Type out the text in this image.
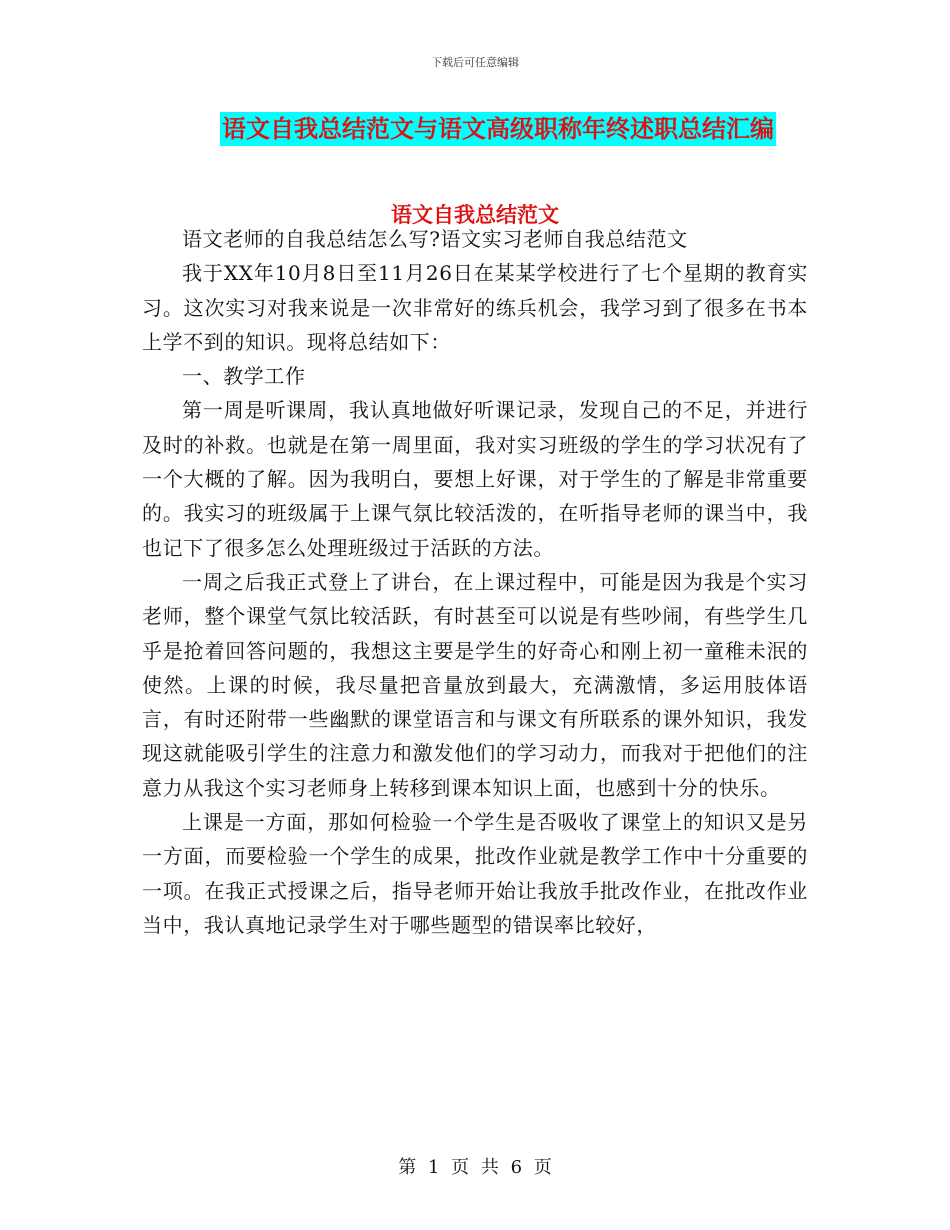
下载后可任意编辑
语文自我总结范文与语文高级职称年终述职总结汇编
语文自我总结范文

语文老师的自我总结怎么写?语文实习老师自我总结范文

我于XX年10月8日至11月26日在某某学校进行了七个星期的教育实习。这次实习对我来说是一次非常好的练兵机会，我学习到了很多在书本上学不到的知识。现将总结如下：

一、教学工作

第一周是听课周，我认真地做好听课记录，发现自己的不足，并进行及时的补救。也就是在第一周里面，我对实习班级的学生的学习状况有了一个大概的了解。因为我明白，要想上好课，对于学生的了解是非常重要的。我实习的班级属于上课气氛比较活泼的，在听指导老师的课当中，我也记下了很多怎么处理班级过于活跃的方法。

一周之后我正式登上了讲台，在上课过程中，可能是因为我是个实习老师，整个课堂气氛比较活跃，有时甚至可以说是有些吵闹，有些学生几乎是抢着回答问题的，我想这主要是学生的好奇心和刚上初一童稚未泯的使然。上课的时候，我尽量把音量放到最大，充满激情，多运用肢体语言，有时还附带一些幽默的课堂语言和与课文有所联系的课外知识，我发现这就能吸引学生的注意力和激发他们的学习动力，而我对于把他们的注意力从我这个实习老师身上转移到课本知识上面，也感到十分的快乐。

上课是一方面，那如何检验一个学生是否吸收了课堂上的知识又是另一方面，而要检验一个学生的成果，批改作业就是教学工作中十分重要的一项。在我正式授课之后，指导老师开始让我放手批改作业，在批改作业当中，我认真地记录学生对于哪些题型的错误率比较好，

第 1 页 共 6 页
